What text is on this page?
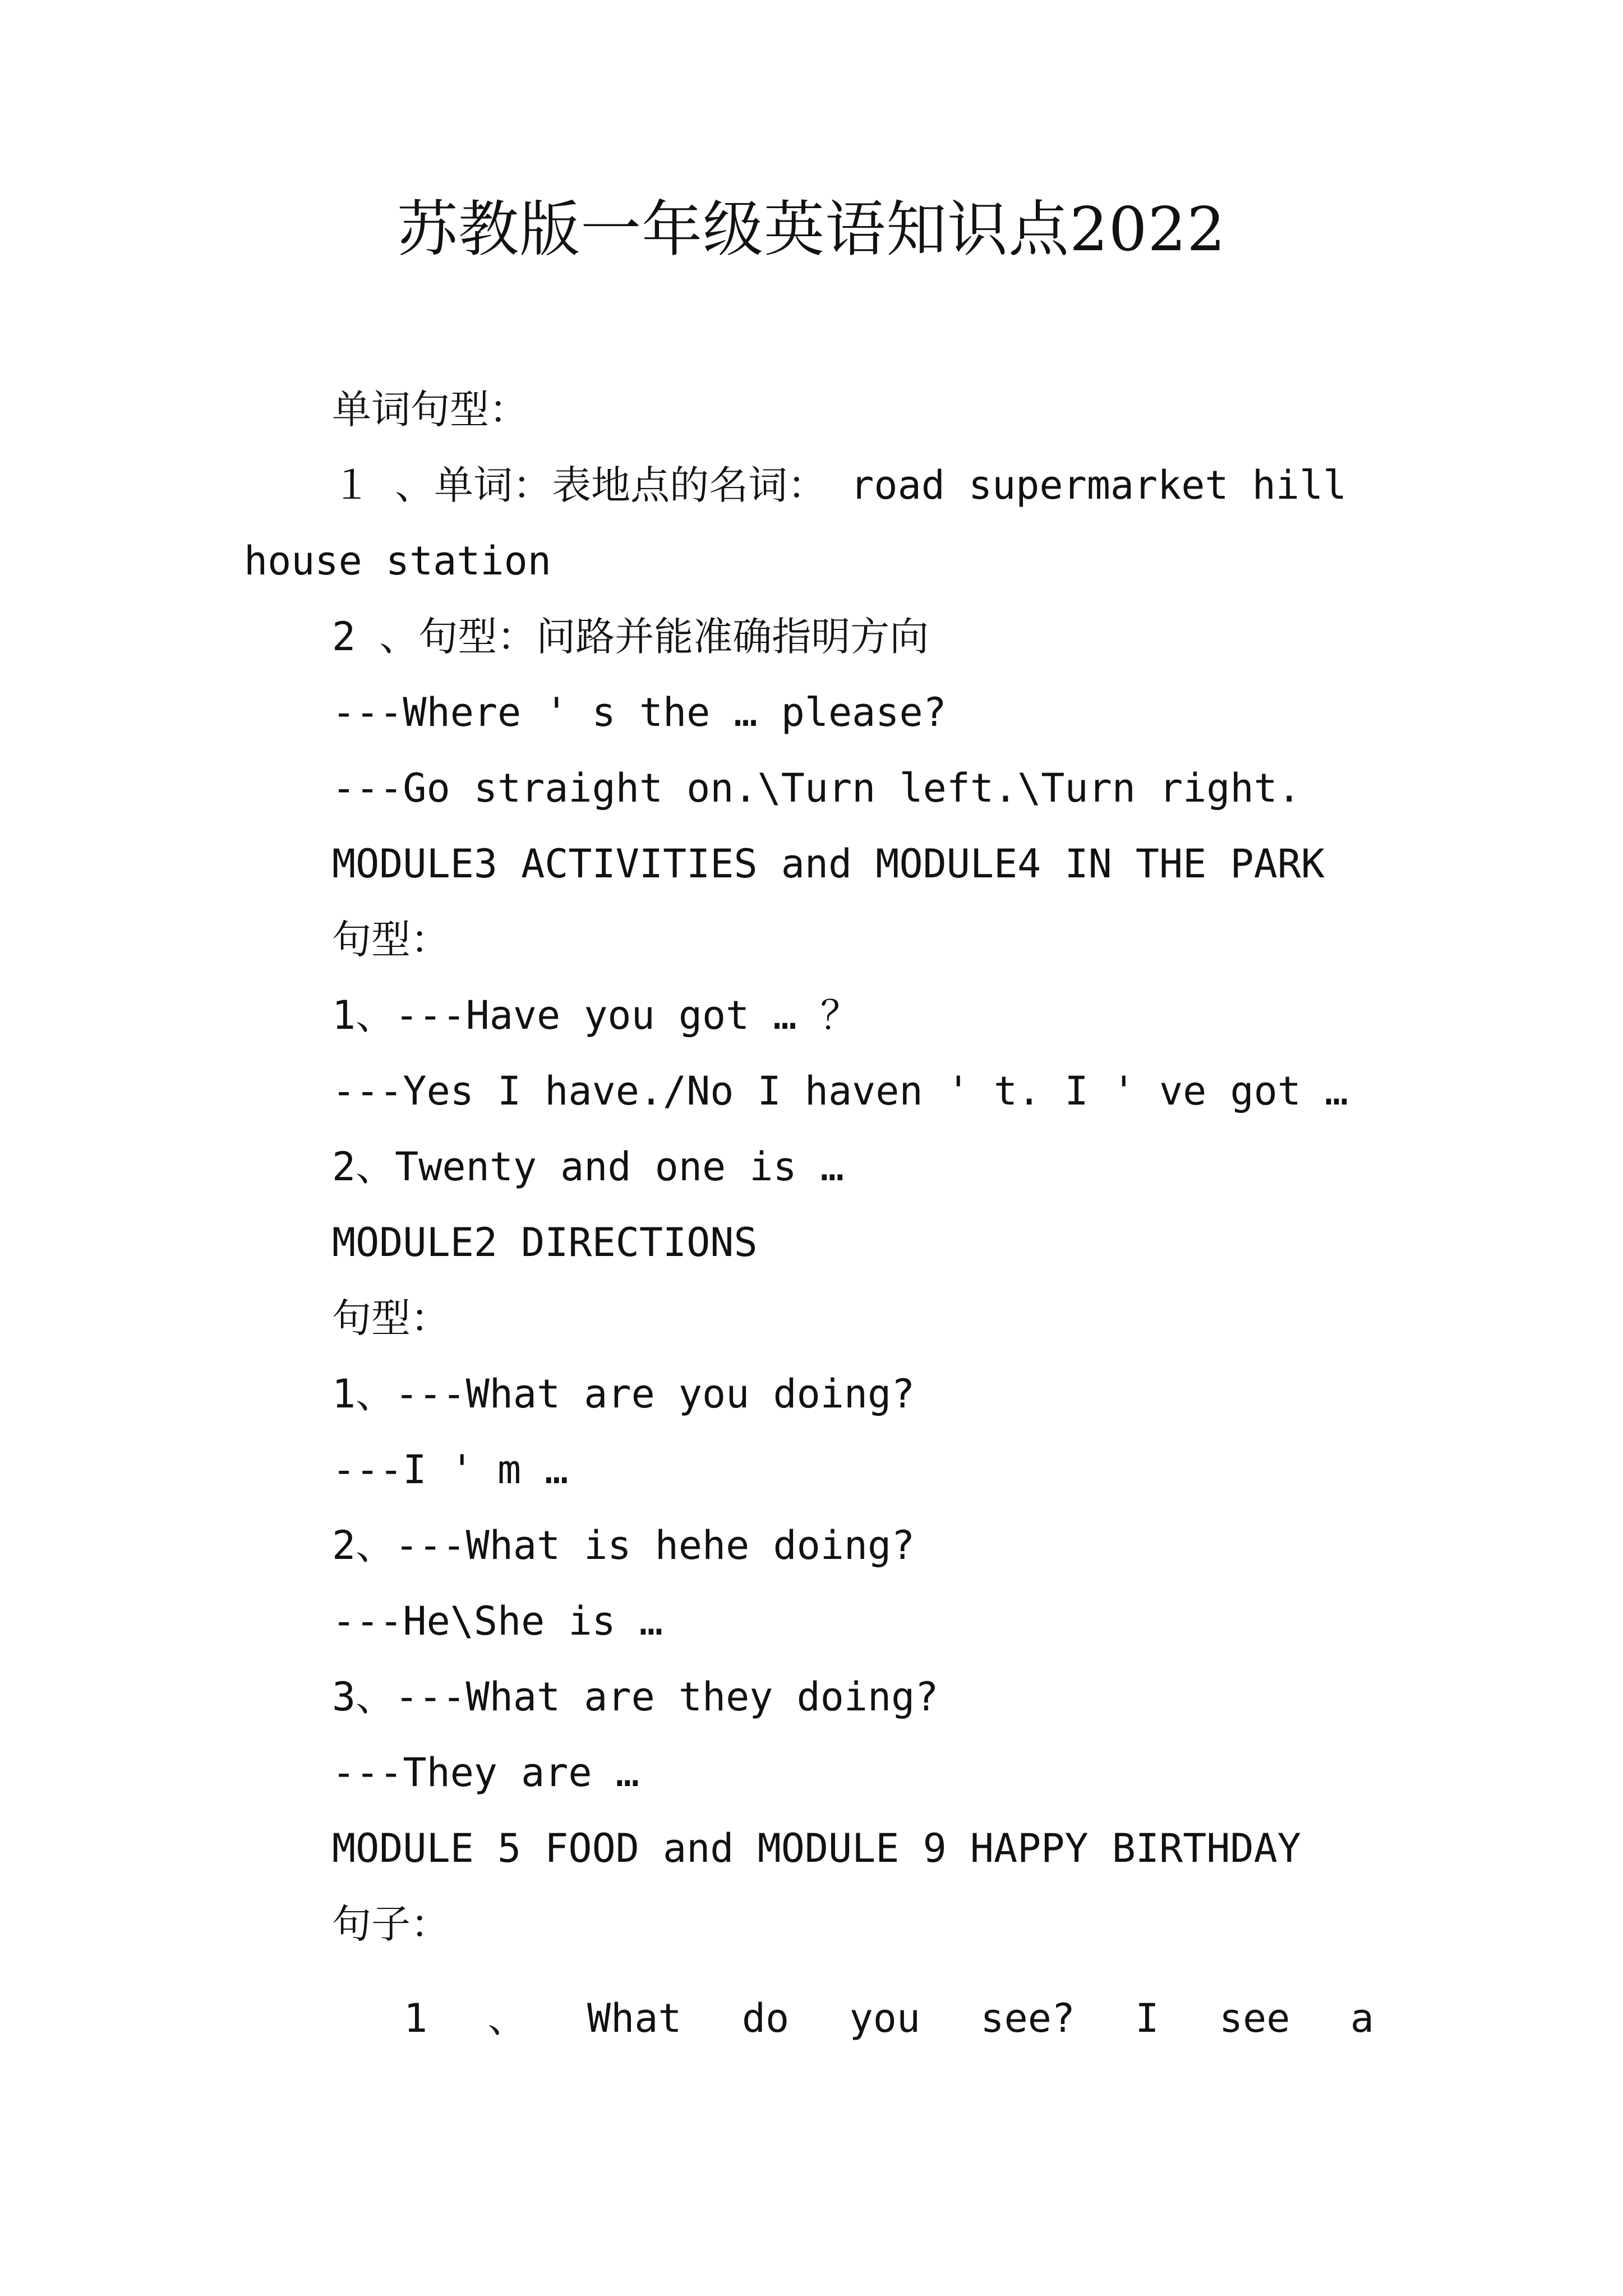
苏教版一年级英语知识点2022
单词句型：
１ 、单词：表地点的名词： road supermarket hill
house station
2 、句型：问路并能准确指明方向
---Where ' s the … please?
---Go straight on.\Turn left.\Turn right.
MODULE3 ACTIVITIES and MODULE4 IN THE PARK
句型：
1、---Have you got … ？
---Yes I have./No I haven ' t. I ' ve got …
2、Twenty and one is …
MODULE2 DIRECTIONS
句型：
1、---What are you doing?
---I ' m …
2、---What is hehe doing?
---He\She is …
3、---What are they doing?
---They are …
MODULE 5 FOOD and MODULE 9 HAPPY BIRTHDAY
句子：
1 、 What do you see? I see a
